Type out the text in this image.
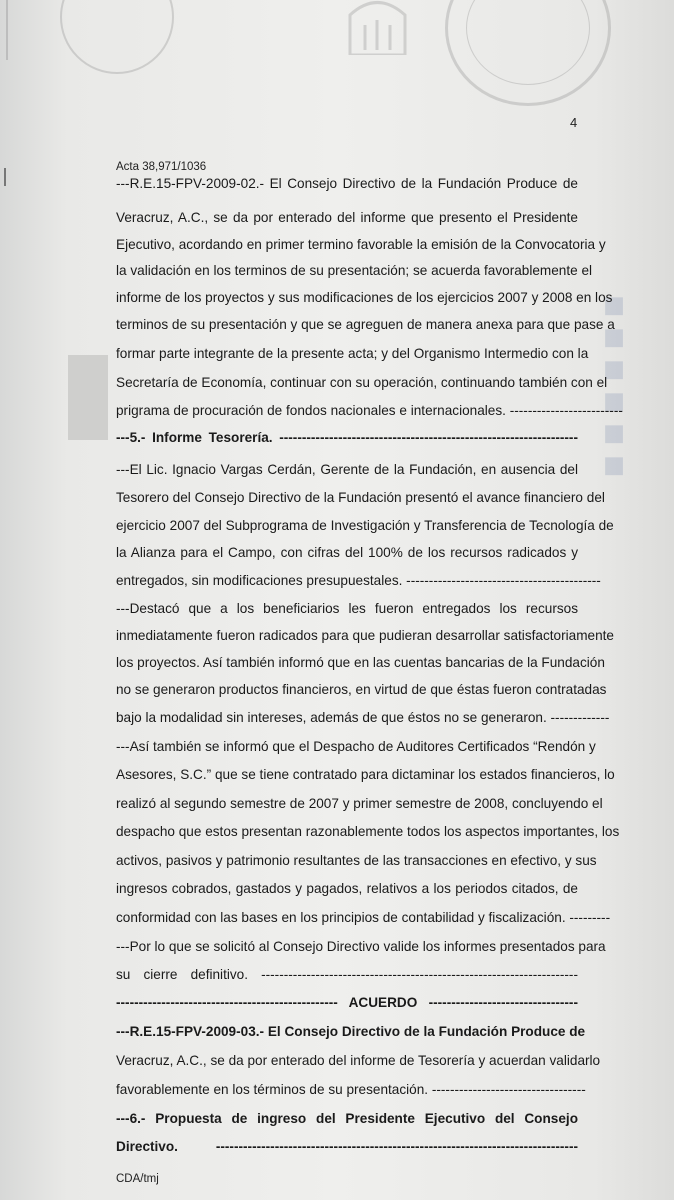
◼◼◼◼◼◼
4
Acta 38,971/1036
---R.E.15-FPV-2009-02.- El Consejo Directivo de la Fundación Produce de
Veracruz, A.C., se da por enterado del informe que presento el Presidente
Ejecutivo, acordando en primer termino favorable la emisión de la Convocatoria y
la validación en los terminos de su presentación; se acuerda favorablemente el
informe de los proyectos y sus modificaciones de los ejercicios 2007 y 2008 en los
terminos de su presentación y que se agreguen de manera anexa para que pase a
formar parte integrante de la presente acta; y del Organismo Intermedio con la
Secretaría de Economía, continuar con su operación, continuando también con el
prigrama de procuración de fondos nacionales e internacionales. -------------------------
---5.- Informe Tesorería. ------------------------------------------------------------------
---El Lic. Ignacio Vargas Cerdán, Gerente de la Fundación, en ausencia del
Tesorero del Consejo Directivo de la Fundación presentó el avance financiero del
ejercicio 2007 del Subprograma de Investigación y Transferencia de Tecnología de
la Alianza para el Campo, con cifras del 100% de los recursos radicados y
entregados, sin modificaciones presupuestales. -------------------------------------------
---Destacó que a los beneficiarios les fueron entregados los recursos
inmediatamente fueron radicados para que pudieran desarrollar satisfactoriamente
los proyectos. Así también informó que en las cuentas bancarias de la Fundación
no se generaron productos financieros, en virtud de que éstas fueron contratadas
bajo la modalidad sin intereses, además de que éstos no se generaron. -------------
---Así también se informó que el Despacho de Auditores Certificados “Rendón y
Asesores, S.C.” que se tiene contratado para dictaminar los estados financieros, lo
realizó al segundo semestre de 2007 y primer semestre de 2008, concluyendo el
despacho que estos presentan razonablemente todos los aspectos importantes, los
activos, pasivos y patrimonio resultantes de las transacciones en efectivo, y sus
ingresos cobrados, gastados y pagados, relativos a los periodos citados, de
conformidad con las bases en los principios de contabilidad y fiscalización. ---------
---Por lo que se solicitó al Consejo Directivo valide los informes presentados para
su cierre definitivo. ----------------------------------------------------------------------
------------------------------------------------- ACUERDO ---------------------------------
---R.E.15-FPV-2009-03.- El Consejo Directivo de la Fundación Produce de
Veracruz, A.C., se da por enterado del informe de Tesorería y acuerdan validarlo
favorablemente en los términos de su presentación. ----------------------------------
---6.- Propuesta de ingreso del Presidente Ejecutivo del Consejo
Directivo. --------------------------------------------------------------------------------
CDA/tmj
